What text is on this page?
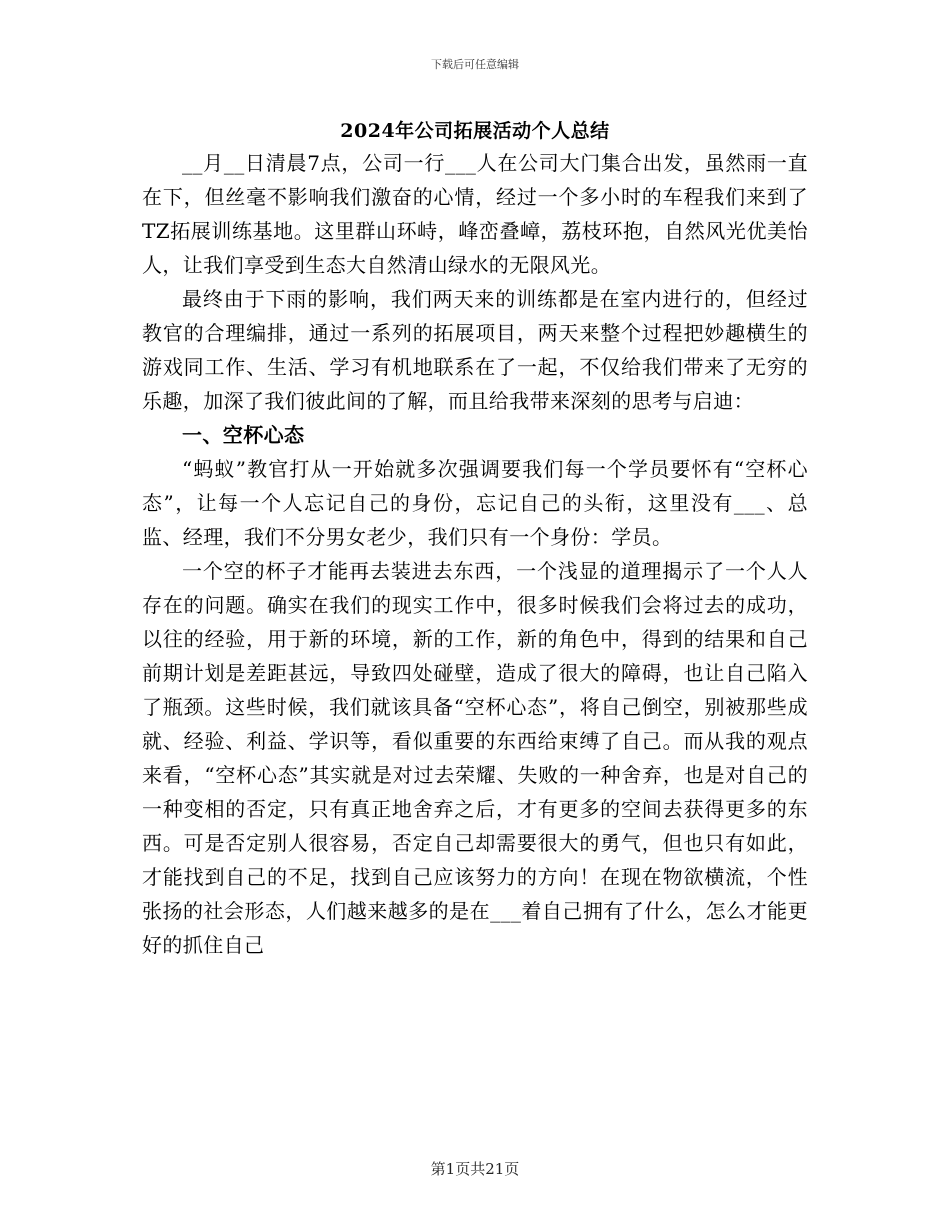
下载后可任意编辑
2024年公司拓展活动个人总结

__月__日清晨7点，公司一行___人在公司大门集合出发，虽然雨一直在下，但丝毫不影响我们激奋的心情，经过一个多小时的车程我们来到了TZ拓展训练基地。这里群山环峙，峰峦叠嶂，荔枝环抱，自然风光优美怡人，让我们享受到生态大自然清山绿水的无限风光。

最终由于下雨的影响，我们两天来的训练都是在室内进行的，但经过教官的合理编排，通过一系列的拓展项目，两天来整个过程把妙趣横生的游戏同工作、生活、学习有机地联系在了一起，不仅给我们带来了无穷的乐趣，加深了我们彼此间的了解，而且给我带来深刻的思考与启迪：

一、空杯心态

“蚂蚁”教官打从一开始就多次强调要我们每一个学员要怀有“空杯心态”，让每一个人忘记自己的身份，忘记自己的头衔，这里没有___、总监、经理，我们不分男女老少，我们只有一个身份：学员。

一个空的杯子才能再去装进去东西，一个浅显的道理揭示了一个人人存在的问题。确实在我们的现实工作中，很多时候我们会将过去的成功，以往的经验，用于新的环境，新的工作，新的角色中，得到的结果和自己前期计划是差距甚远，导致四处碰壁，造成了很大的障碍，也让自己陷入了瓶颈。这些时候，我们就该具备“空杯心态”，将自己倒空，别被那些成就、经验、利益、学识等，看似重要的东西给束缚了自己。而从我的观点来看，“空杯心态”其实就是对过去荣耀、失败的一种舍弃，也是对自己的一种变相的否定，只有真正地舍弃之后，才有更多的空间去获得更多的东西。可是否定别人很容易，否定自己却需要很大的勇气，但也只有如此，才能找到自己的不足，找到自己应该努力的方向！在现在物欲横流，个性张扬的社会形态，人们越来越多的是在___着自己拥有了什么，怎么才能更好的抓住自己

第1页共21页
